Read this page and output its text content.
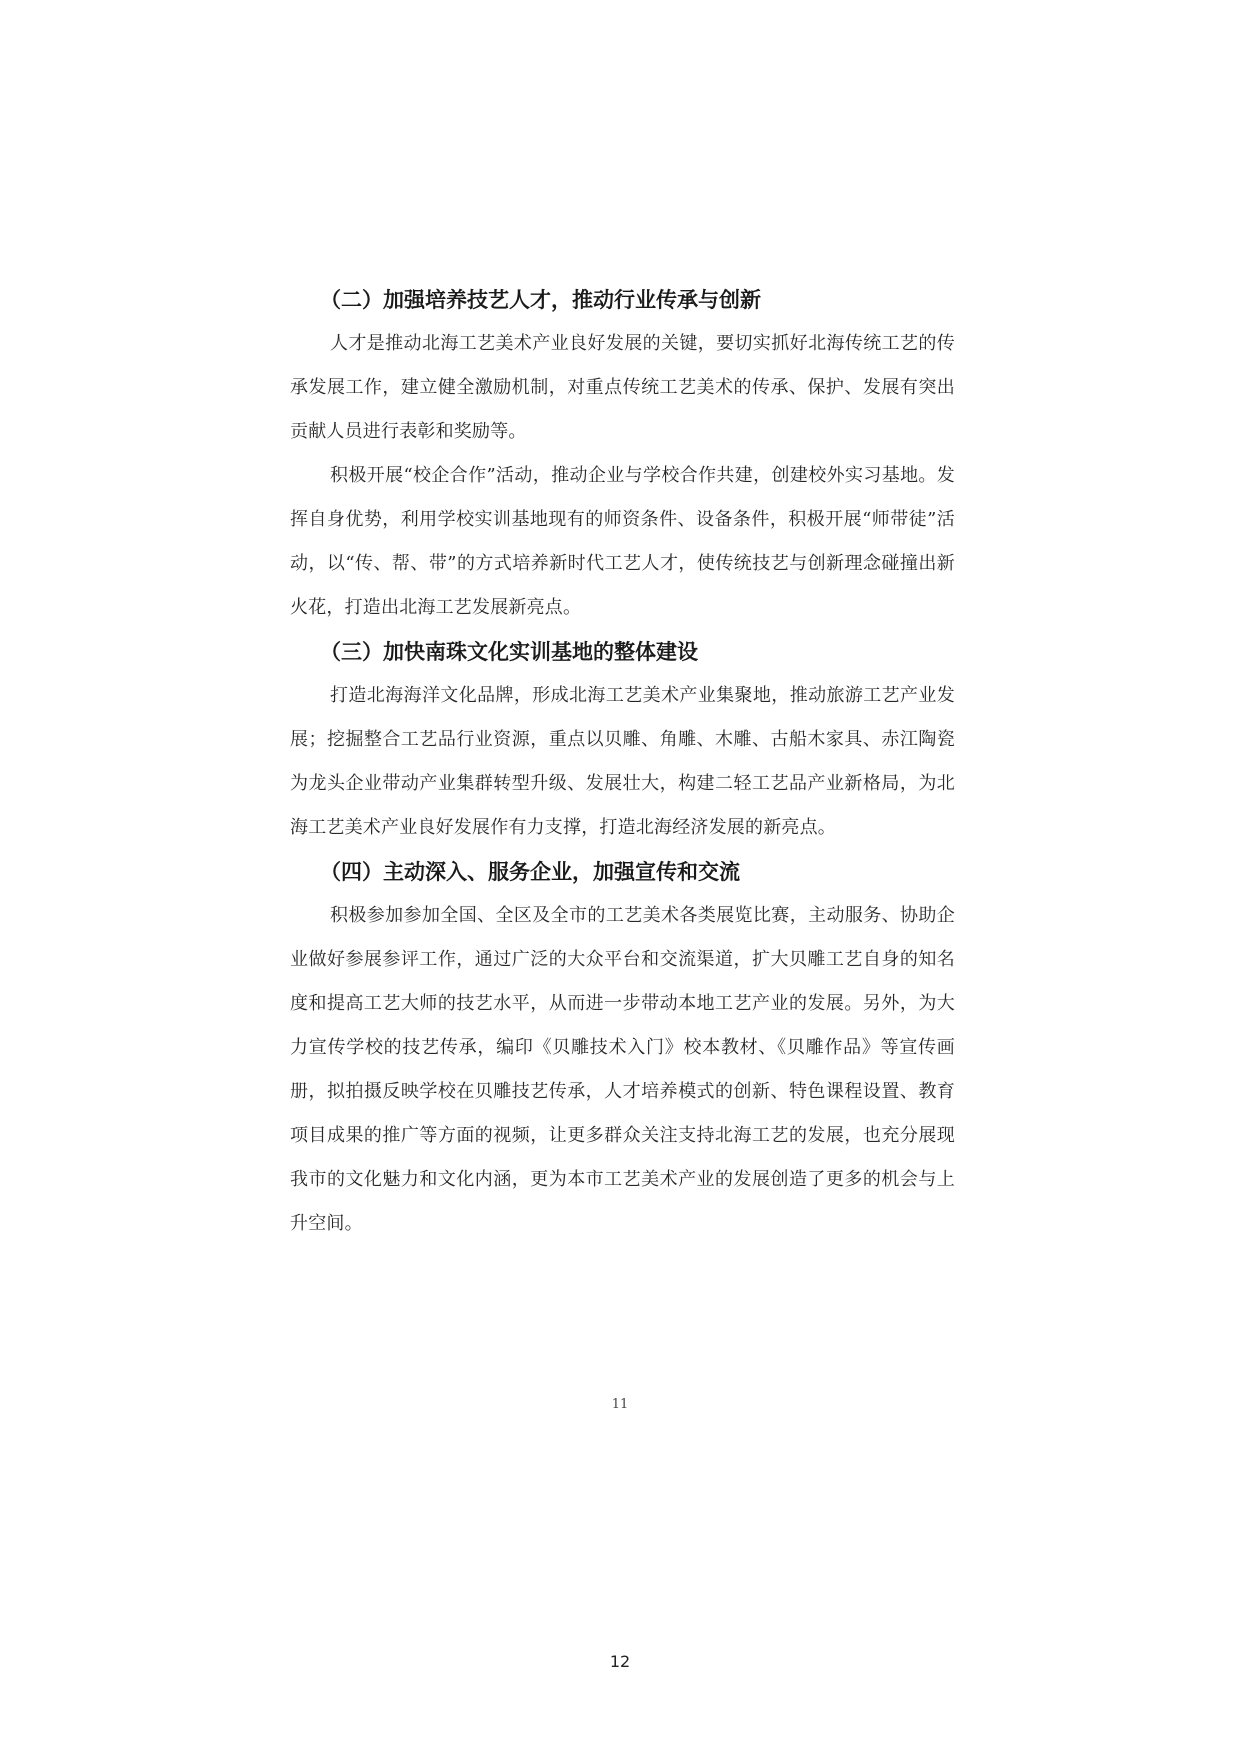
（二）加强培养技艺人才，推动行业传承与创新

人才是推动北海工艺美术产业良好发展的关键，要切实抓好北海传统工艺的传承发展工作，建立健全激励机制，对重点传统工艺美术的传承、保护、发展有突出贡献人员进行表彰和奖励等。

积极开展“校企合作”活动，推动企业与学校合作共建，创建校外实习基地。发挥自身优势，利用学校实训基地现有的师资条件、设备条件，积极开展“师带徒”活动，以“传、帮、带”的方式培养新时代工艺人才，使传统技艺与创新理念碰撞出新火花，打造出北海工艺发展新亮点。

（三）加快南珠文化实训基地的整体建设

打造北海海洋文化品牌，形成北海工艺美术产业集聚地，推动旅游工艺产业发展；挖掘整合工艺品行业资源，重点以贝雕、角雕、木雕、古船木家具、赤江陶瓷为龙头企业带动产业集群转型升级、发展壮大，构建二轻工艺品产业新格局，为北海工艺美术产业良好发展作有力支撑，打造北海经济发展的新亮点。

（四）主动深入、服务企业，加强宣传和交流

积极参加参加全国、全区及全市的工艺美术各类展览比赛，主动服务、协助企业做好参展参评工作，通过广泛的大众平台和交流渠道，扩大贝雕工艺自身的知名度和提高工艺大师的技艺水平，从而进一步带动本地工艺产业的发展。另外，为大力宣传学校的技艺传承，编印《贝雕技术入门》校本教材、《贝雕作品》等宣传画册，拟拍摄反映学校在贝雕技艺传承，人才培养模式的创新、特色课程设置、教育项目成果的推广等方面的视频，让更多群众关注支持北海工艺的发展，也充分展现我市的文化魅力和文化内涵，更为本市工艺美术产业的发展创造了更多的机会与上升空间。

11
12
